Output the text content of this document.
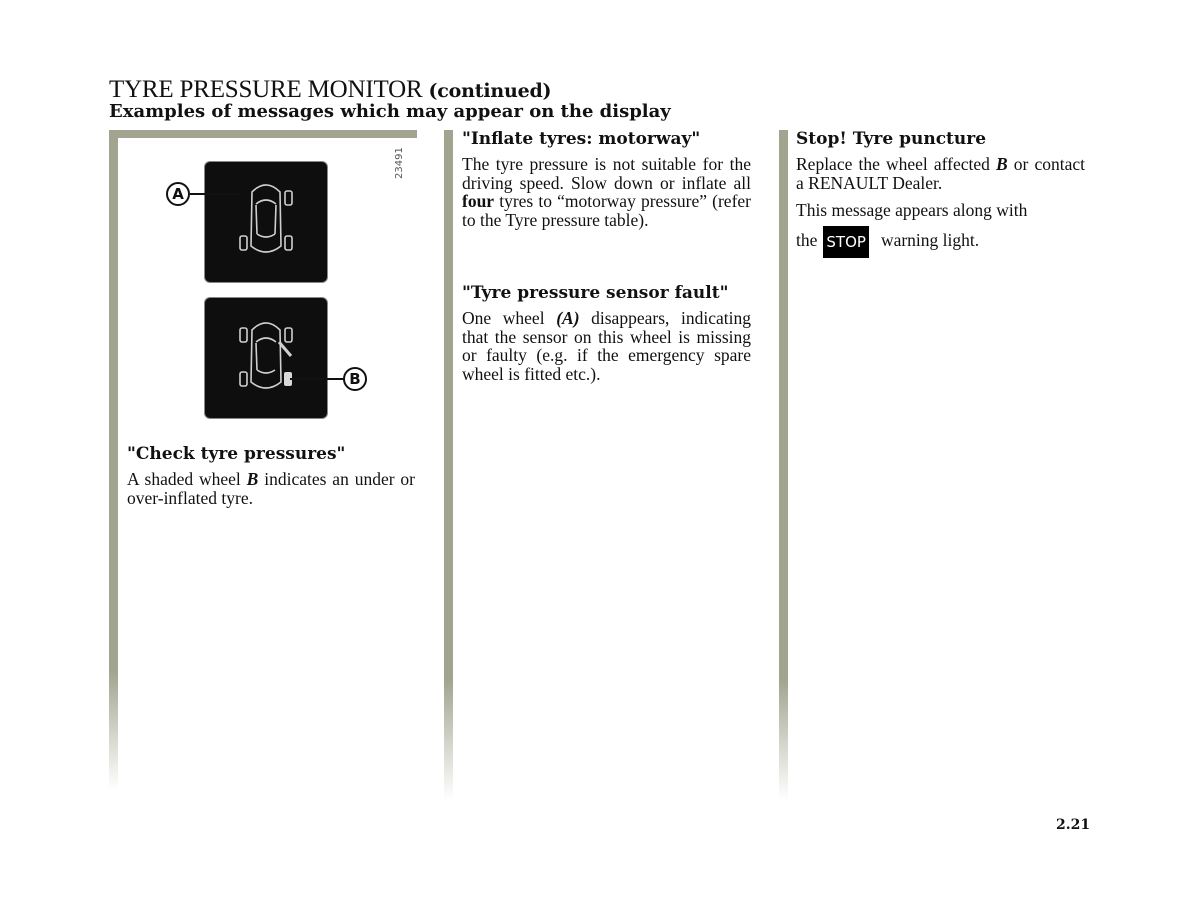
TYRE PRESSURE MONITOR (continued)
Examples of messages which may appear on the display
23491
A
B
"Check tyre pressures"

A shaded wheel B indicates an under or over-inflated tyre.

"Inflate tyres: motorway"

The tyre pressure is not suitable for the driving speed. Slow down or inflate all four tyres to “motorway pressure” (refer to the Tyre pressure table).

"Tyre pressure sensor fault"

One wheel (A) disappears, indicating that the sensor on this wheel is missing or faulty (e.g. if the emergency spare wheel is fitted etc.).

Stop! Tyre puncture

Replace the wheel affected B or contact a RENAULT Dealer.

This message appears along with

the STOP warning light.

2.21
